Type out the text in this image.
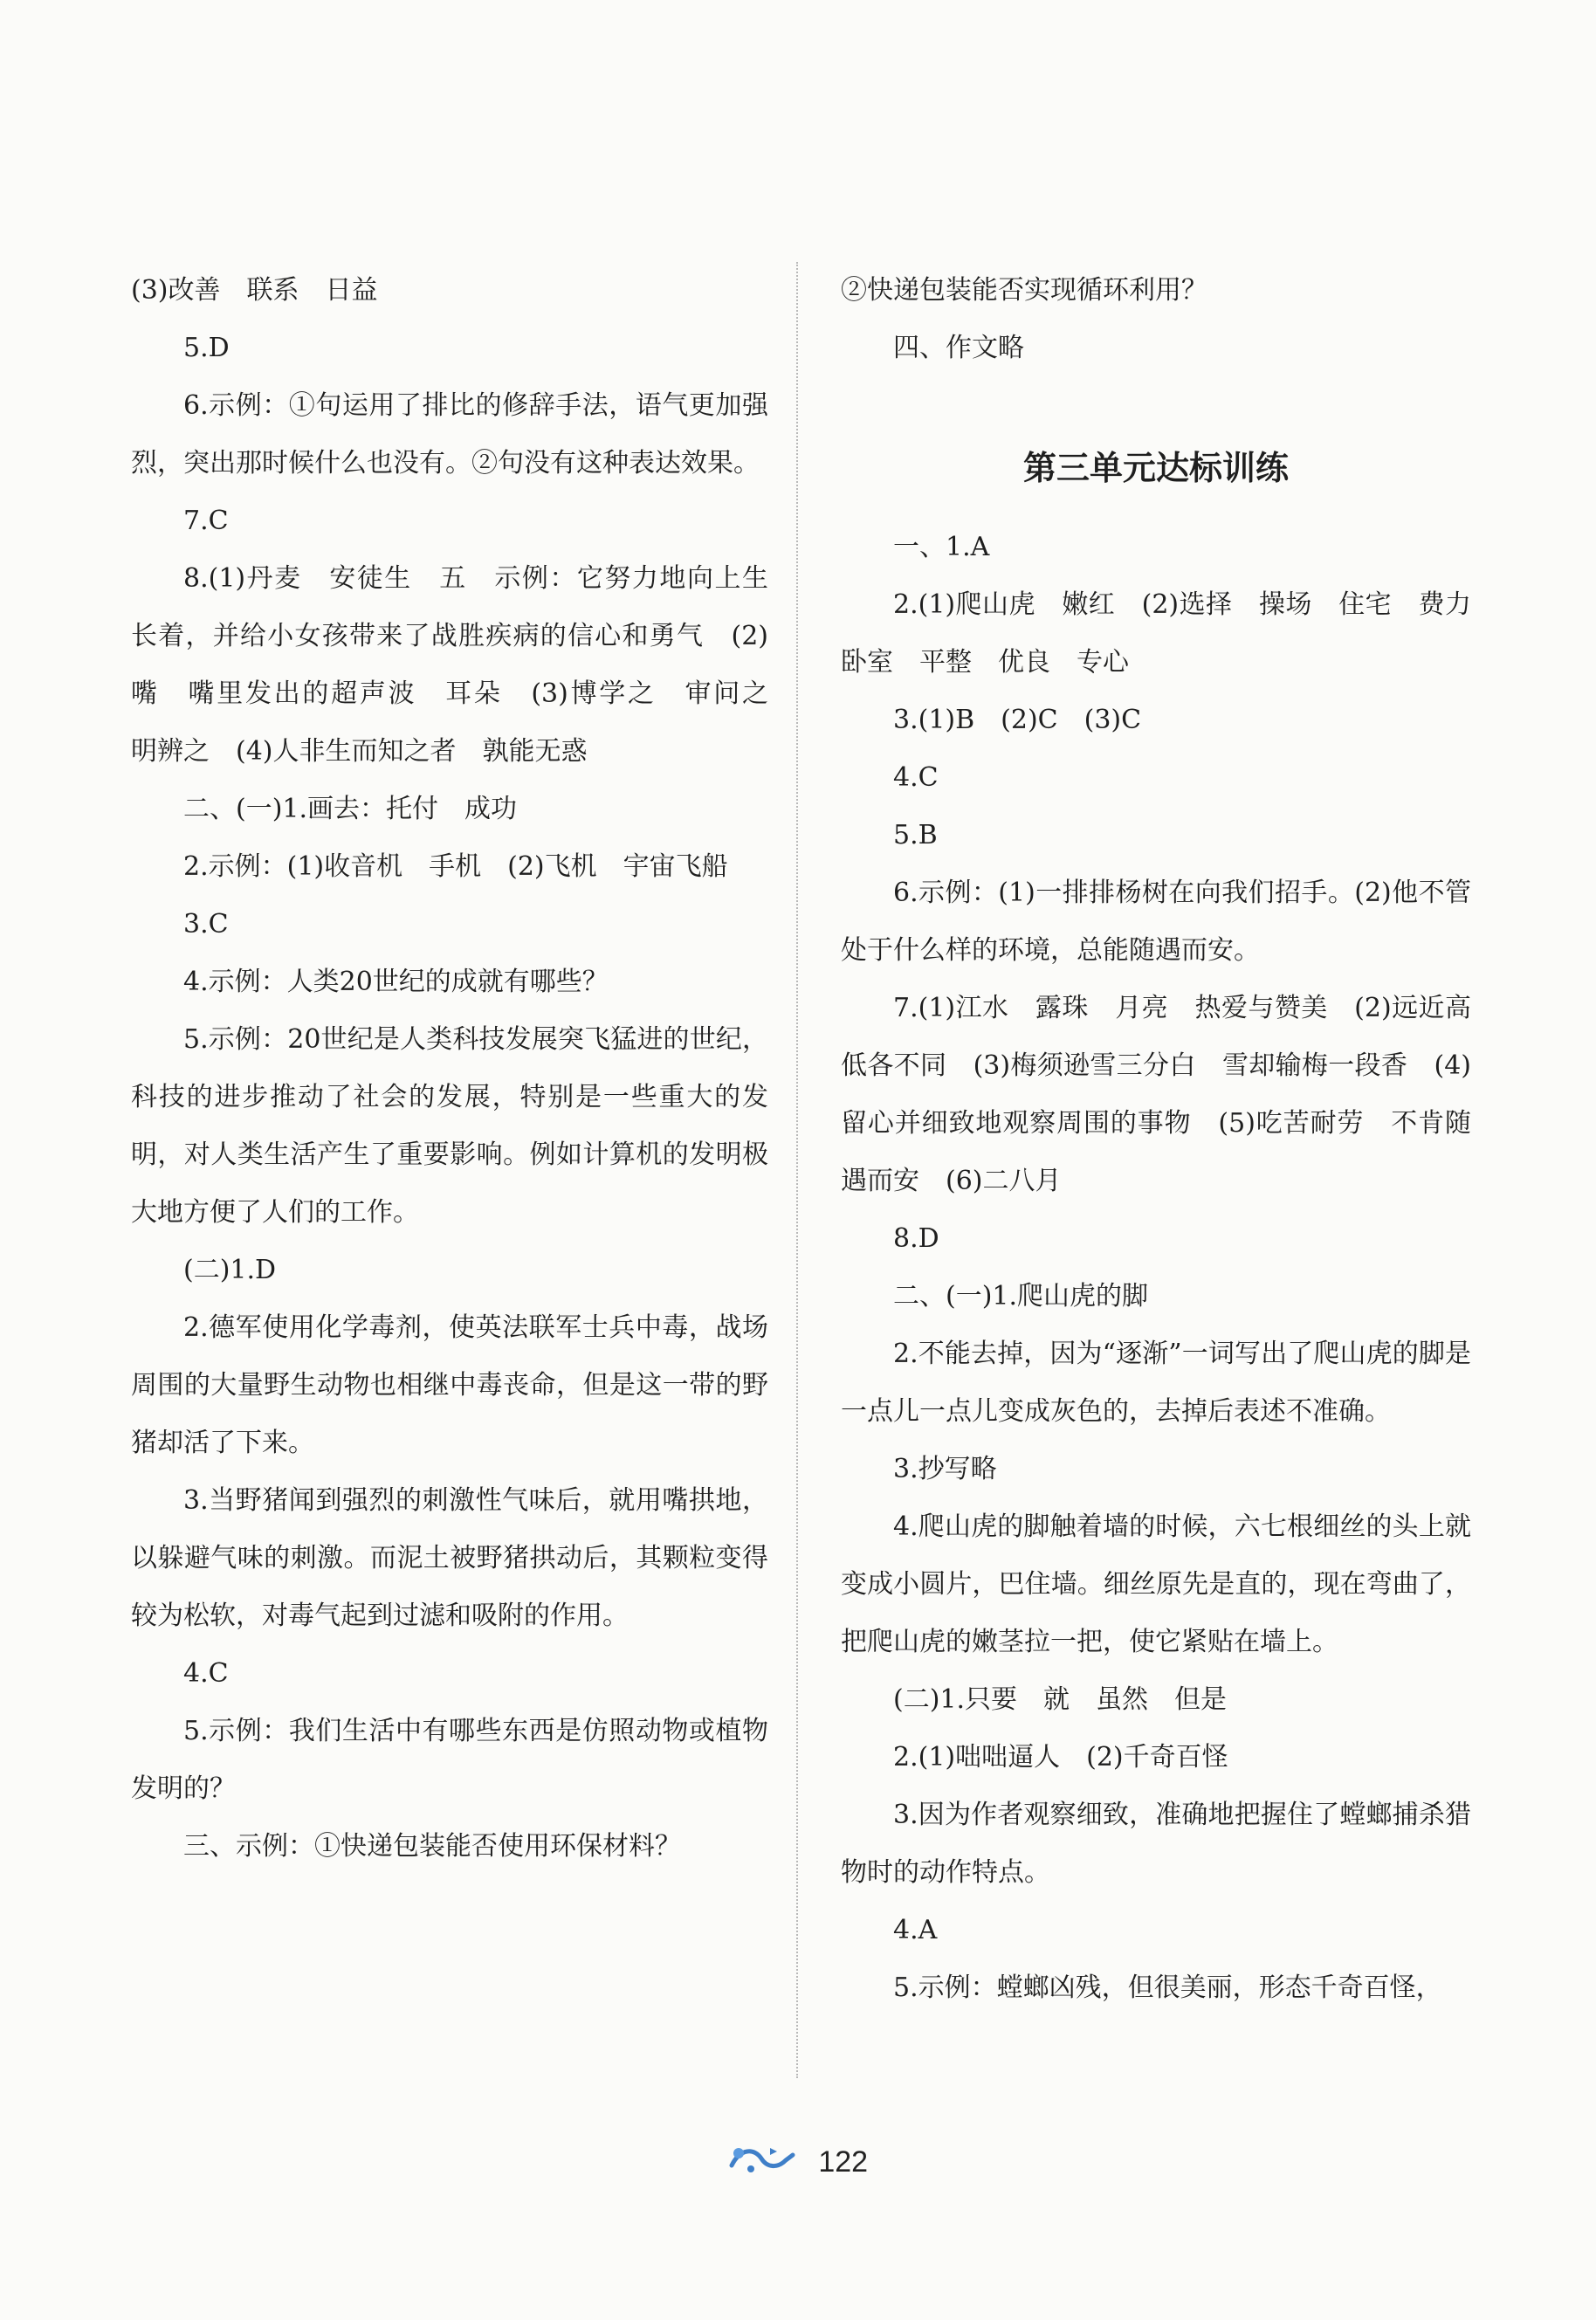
(3)改善　联系　日益

5.D

6.示例：①句运用了排比的修辞手法，语气更加强烈，突出那时候什么也没有。②句没有这种表达效果。

7.C

8.(1)丹麦　安徒生　五　示例：它努力地向上生长着，并给小女孩带来了战胜疾病的信心和勇气　(2)嘴　嘴里发出的超声波　耳朵　(3)博学之　审问之　明辨之　(4)人非生而知之者　孰能无惑

二、(一)1.画去：托付　成功

2.示例：(1)收音机　手机　(2)飞机　宇宙飞船

3.C

4.示例：人类20世纪的成就有哪些？

5.示例：20世纪是人类科技发展突飞猛进的世纪，科技的进步推动了社会的发展，特别是一些重大的发明，对人类生活产生了重要影响。例如计算机的发明极大地方便了人们的工作。

(二)1.D

2.德军使用化学毒剂，使英法联军士兵中毒，战场周围的大量野生动物也相继中毒丧命，但是这一带的野猪却活了下来。

3.当野猪闻到强烈的刺激性气味后，就用嘴拱地，以躲避气味的刺激。而泥土被野猪拱动后，其颗粒变得较为松软，对毒气起到过滤和吸附的作用。

4.C

5.示例：我们生活中有哪些东西是仿照动物或植物发明的？

三、示例：①快递包装能否使用环保材料？

②快递包装能否实现循环利用？

四、作文略

第三单元达标训练

一、1.A

2.(1)爬山虎　嫩红　(2)选择　操场　住宅　费力　卧室　平整　优良　专心

3.(1)B　(2)C　(3)C

4.C

5.B

6.示例：(1)一排排杨树在向我们招手。(2)他不管处于什么样的环境，总能随遇而安。

7.(1)江水　露珠　月亮　热爱与赞美　(2)远近高低各不同　(3)梅须逊雪三分白　雪却输梅一段香　(4)留心并细致地观察周围的事物　(5)吃苦耐劳　不肯随遇而安　(6)二八月

8.D

二、(一)1.爬山虎的脚

2.不能去掉，因为“逐渐”一词写出了爬山虎的脚是一点儿一点儿变成灰色的，去掉后表述不准确。

3.抄写略

4.爬山虎的脚触着墙的时候，六七根细丝的头上就变成小圆片，巴住墙。细丝原先是直的，现在弯曲了，把爬山虎的嫩茎拉一把，使它紧贴在墙上。

(二)1.只要　就　虽然　但是

2.(1)咄咄逼人　(2)千奇百怪

3.因为作者观察细致，准确地把握住了螳螂捕杀猎物时的动作特点。

4.A

5.示例：螳螂凶残，但很美丽，形态千奇百怪，

122
